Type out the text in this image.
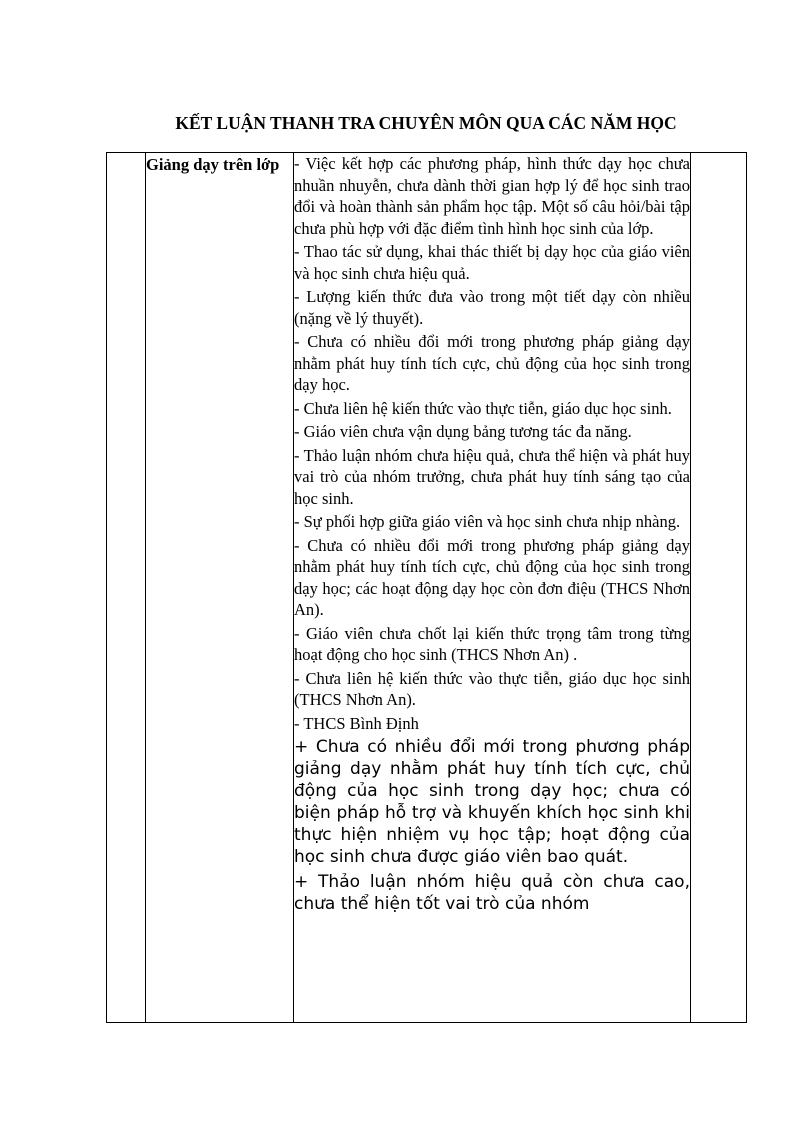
KẾT LUẬN THANH TRA CHUYÊN MÔN QUA CÁC NĂM HỌC

Giảng dạy trên lớp	- Việc kết hợp các phương pháp, hình thức dạy học chưa nhuần nhuyễn, chưa dành thời gian hợp lý để học sinh trao đổi và hoàn thành sản phẩm học tập. Một số câu hỏi/bài tập chưa phù hợp với đặc điểm tình hình học sinh của lớp.

- Thao tác sử dụng, khai thác thiết bị dạy học của giáo viên và học sinh chưa hiệu quả.

- Lượng kiến thức đưa vào trong một tiết dạy còn nhiều (nặng về lý thuyết).

- Chưa có nhiều đổi mới trong phương pháp giảng dạy nhằm phát huy tính tích cực, chủ động của học sinh trong dạy học.

- Chưa liên hệ kiến thức vào thực tiễn, giáo dục học sinh.

- Giáo viên chưa vận dụng bảng tương tác đa năng.

- Thảo luận nhóm chưa hiệu quả, chưa thể hiện và phát huy vai trò của nhóm trưởng, chưa phát huy tính sáng tạo của học sinh.

- Sự phối hợp giữa giáo viên và học sinh chưa nhịp nhàng.

- Chưa có nhiều đổi mới trong phương pháp giảng dạy nhằm phát huy tính tích cực, chủ động của học sinh trong dạy học; các hoạt động dạy học còn đơn điệu (THCS Nhơn An).

- Giáo viên chưa chốt lại kiến thức trọng tâm trong từng hoạt động cho học sinh (THCS Nhơn An) .

- Chưa liên hệ kiến thức vào thực tiễn, giáo dục học sinh (THCS Nhơn An).

- THCS Bình Định

+ Chưa có nhiều đổi mới trong phương pháp giảng dạy nhằm phát huy tính tích cực, chủ động của học sinh trong dạy học; chưa có biện pháp hỗ trợ và khuyến khích học sinh khi thực hiện nhiệm vụ học tập; hoạt động của học sinh chưa được giáo viên bao quát.

+ Thảo luận nhóm hiệu quả còn chưa cao, chưa thể hiện tốt vai trò của nhóm
